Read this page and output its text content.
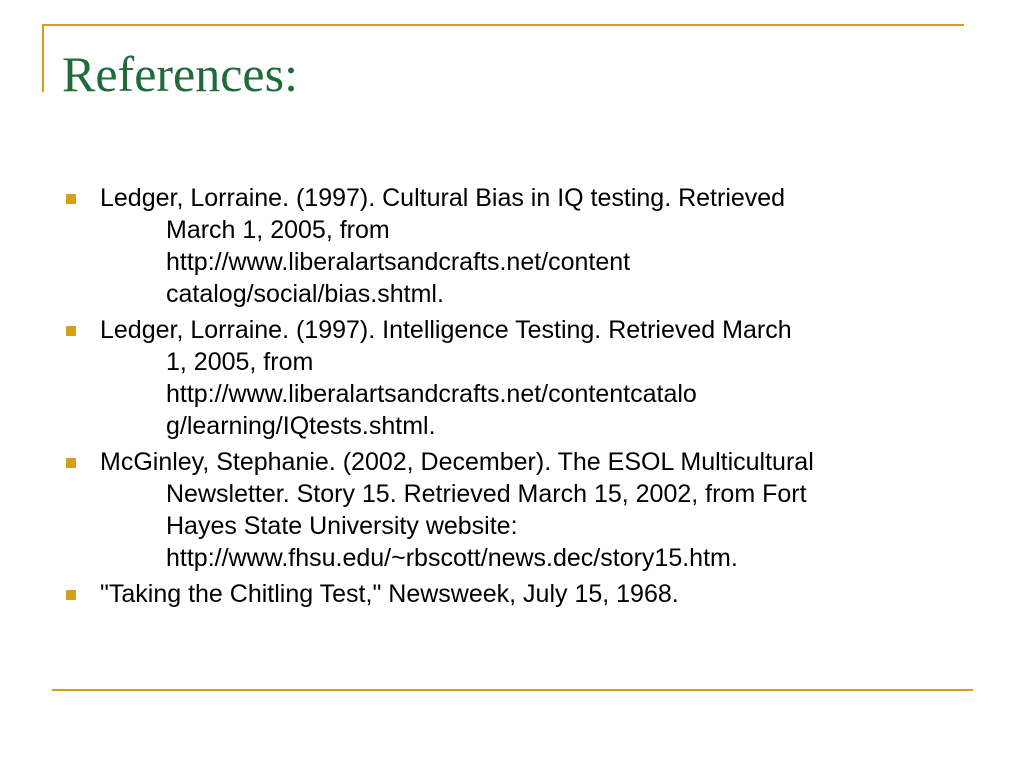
References:
Ledger, Lorraine. (1997). Cultural Bias in IQ testing. Retrieved
March 1, 2005, from
http://www.liberalartsandcrafts.net/content
catalog/social/bias.shtml.
Ledger, Lorraine. (1997). Intelligence Testing. Retrieved March
1, 2005, from
http://www.liberalartsandcrafts.net/contentcatalo
g/learning/IQtests.shtml.
McGinley, Stephanie. (2002, December). The ESOL Multicultural
Newsletter. Story 15. Retrieved March 15, 2002, from Fort
Hayes State University website:
http://www.fhsu.edu/~rbscott/news.dec/story15.htm.
"Taking the Chitling Test," Newsweek, July 15, 1968.
